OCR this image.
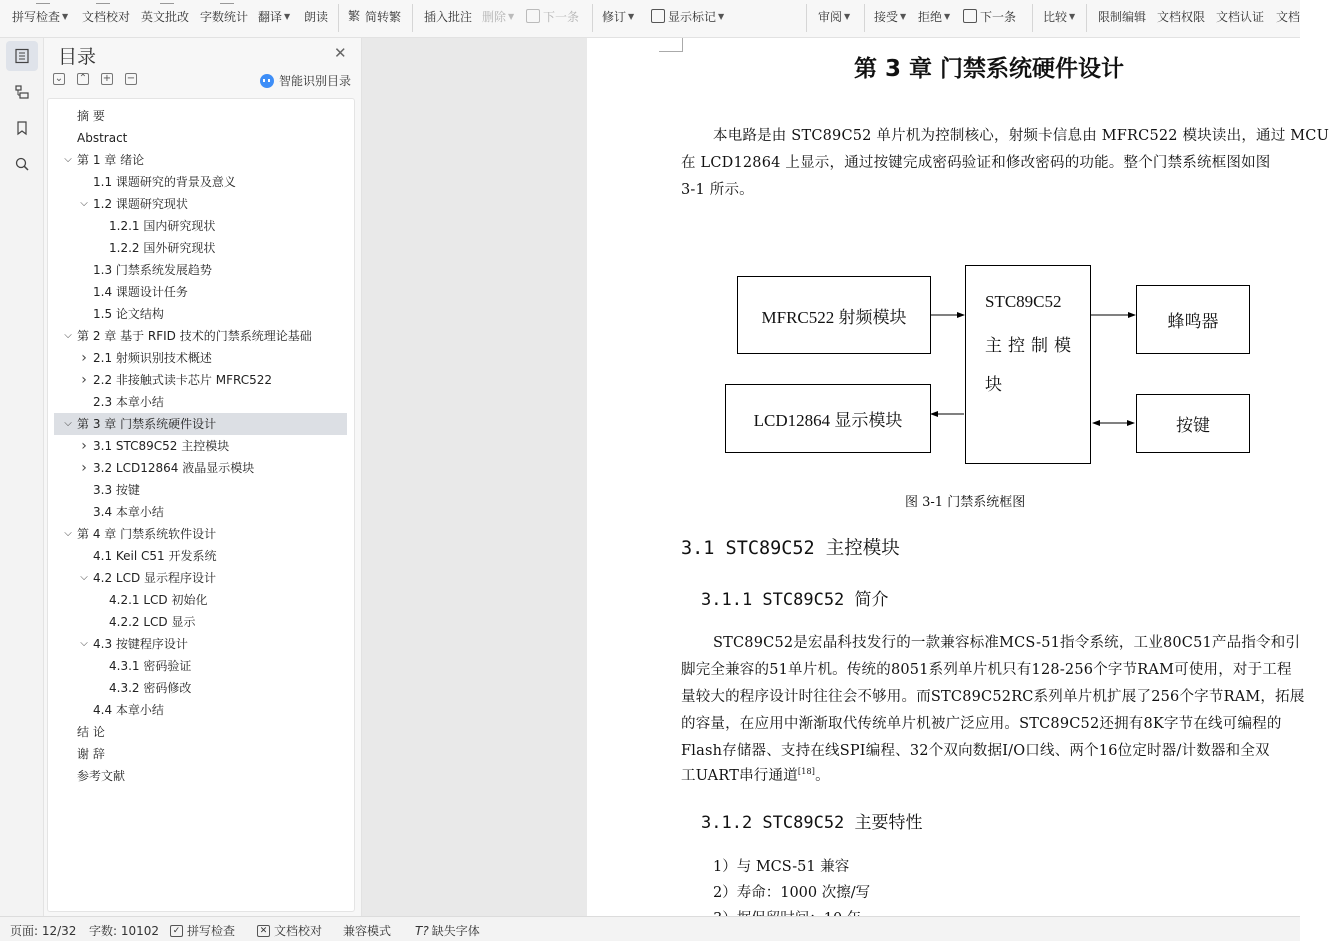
拼写检查 ▼ 文档校对 英文批改 字数统计 翻译 ▼ 朗读 繁 简转繁 插入批注 删除 ▼ 下一条 修订 ▼	显示标记 ▼	审阅 ▼ 接受 ▼ 拒绝 ▼ 下一条 比较 ▼ 限制编辑 文档权限 文档认证 文档
目录	✕
⌄ ⌃ + −	智能识别目录
摘 要
Abstract
⌵ 第 1 章 绪论
1.1 课题研究的背景及意义
⌵ 1.2 课题研究现状
1.2.1 国内研究现状
1.2.2 国外研究现状
1.3 门禁系统发展趋势
1.4 课题设计任务
1.5 论文结构
⌵ 第 2 章 基于 RFID 技术的门禁系统理论基础
› 2.1 射频识别技术概述
› 2.2 非接触式读卡芯片 MFRC522
2.3 本章小结
⌵ 第 3 章 门禁系统硬件设计
› 3.1 STC89C52 主控模块
› 3.2 LCD12864 液晶显示模块
3.3 按键
3.4 本章小结
⌵ 第 4 章 门禁系统软件设计
4.1 Keil C51 开发系统
⌵ 4.2 LCD 显示程序设计
4.2.1 LCD 初始化
4.2.2 LCD 显示
⌵ 4.3 按键程序设计
4.3.1 密码验证
4.3.2 密码修改
4.4 本章小结
结 论
谢 辞
参考文献
第 3 章 门禁系统硬件设计
本电路是由 STC89C52 单片机为控制核心，射频卡信息由 MFRC522 模块读出，通过 MCU
在 LCD12864 上显示，通过按键完成密码验证和修改密码的功能。整个门禁系统框图如图
3-1 所示。
MFRC522 射频模块
STC89C52
主控制模
块
蜂鸣器
LCD12864 显示模块	按键
图 3-1 门禁系统框图
3.1 STC89C52 主控模块
3.1.1 STC89C52 简介
STC89C52是宏晶科技发行的一款兼容标准MCS-51指令系统，工业80C51产品指令和引
脚完全兼容的51单片机。传统的8051系列单片机只有128-256个字节RAM可使用，对于工程
量较大的程序设计时往往会不够用。而STC89C52RC系列单片机扩展了256个字节RAM，拓展
的容量，在应用中渐渐取代传统单片机被广泛应用。STC89C52还拥有8K字节在线可编程的
Flash存储器、支持在线SPI编程、32个双向数据I/O口线、两个16位定时器/计数器和全双
工UART串行通道[18]。
3.1.2 STC89C52 主要特性
1）与 MCS-51 兼容
2）寿命：1000 次擦/写
页面: 12/32 字数: 10102	✓ 拼写检查	✕ 文档校对 兼容模式 T? 缺失字体
